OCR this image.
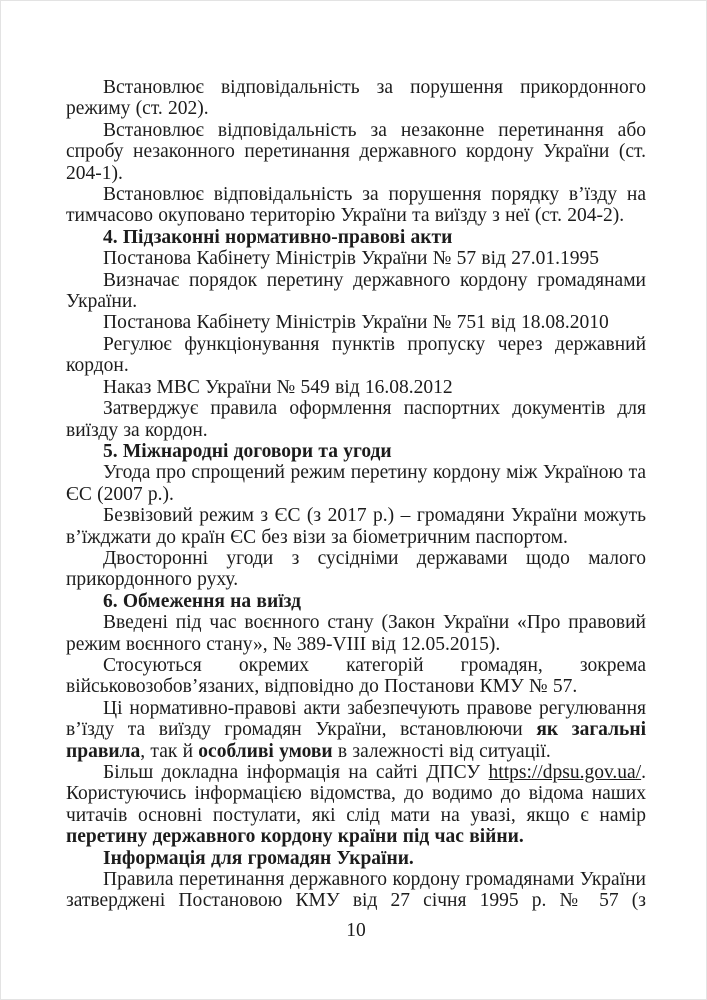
Встановлює відповідальність за порушення прикордонного режиму (ст. 202).

Встановлює відповідальність за незаконне перетинання або спробу незаконного перетинання державного кордону України (ст. 204-1).

Встановлює відповідальність за порушення порядку в’їзду на тимчасово окуповано територію України та виїзду з неї (ст. 204-2).

4. Підзаконні нормативно-правові акти

Постанова Кабінету Міністрів України № 57 від 27.01.1995

Визначає порядок перетину державного кордону громадянами України.

Постанова Кабінету Міністрів України № 751 від 18.08.2010

Регулює функціонування пунктів пропуску через державний кордон.

Наказ МВС України № 549 від 16.08.2012

Затверджує правила оформлення паспортних документів для виїзду за кордон.

5. Міжнародні договори та угоди

Угода про спрощений режим перетину кордону між Україною та ЄС (2007 р.).

Безвізовий режим з ЄС (з 2017 р.) – громадяни України можуть в’їжджати до країн ЄС без візи за біометричним паспортом.

Двосторонні угоди з сусідніми державами щодо малого прикордонного руху.

6. Обмеження на виїзд

Введені під час воєнного стану (Закон України «Про правовий режим воєнного стану», № 389-VIII від 12.05.2015).

Стосуються окремих категорій громадян, зокрема військовозобов’язаних, відповідно до Постанови КМУ № 57.

Ці нормативно-правові акти забезпечують правове регулювання в’їзду та виїзду громадян України, встановлюючи як загальні правила, так й особливі умови в залежності від ситуації.

Більш докладна інформація на сайті ДПСУ https://dpsu.gov.ua/. Користуючись інформацією відомства, до водимо до відома наших читачів основні постулати, які слід мати на увазі, якщо є намір перетину державного кордону країни під час війни.

Інформація для громадян України.

Правила перетинання державного кордону громадянами України затверджені Постановою КМУ від 27 січня 1995 р. № 57 (з

10
